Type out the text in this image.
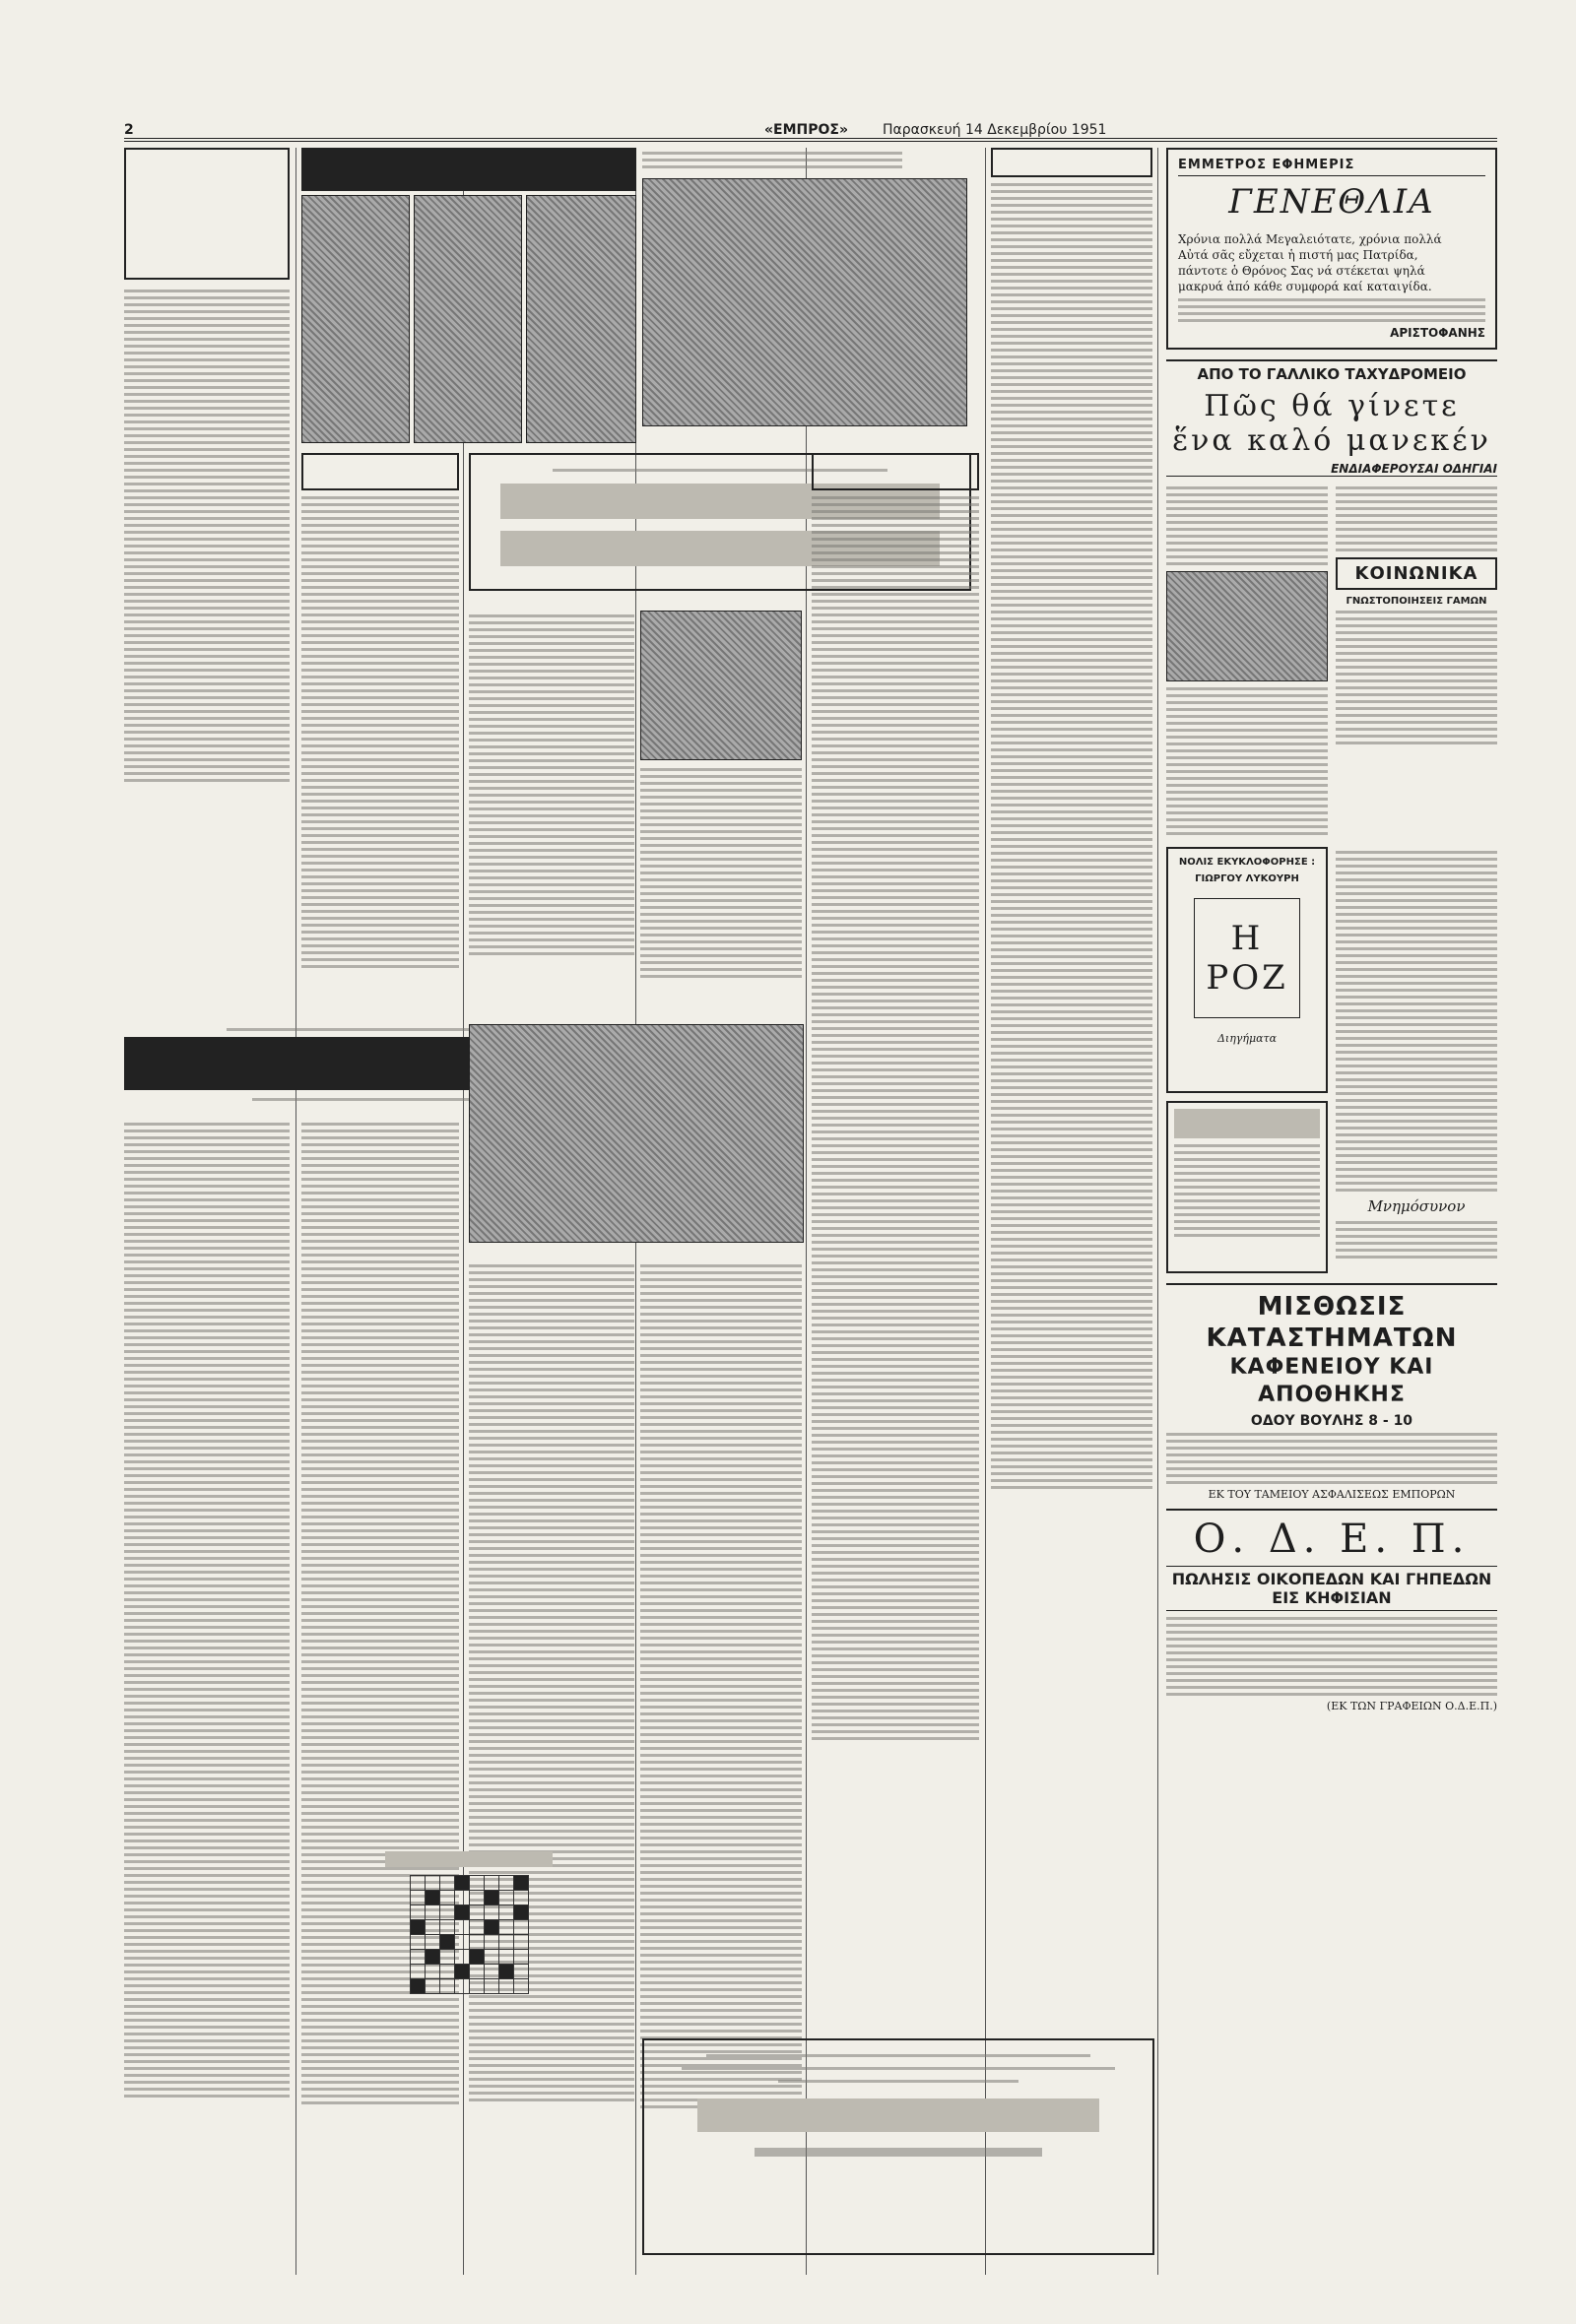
2	«ΕΜΠΡΟΣ» Παρασκευή 14 Δεκεμβρίου 1951
ΕΜΜΕΤΡΟΣ ΕΦΗΜΕΡΙΣ
ΓΕΝΕΘΛΙΑ
Χρόνια πολλά Μεγαλειότατε, χρόνια πολλά
Αὐτά σᾶς εὔχεται ἡ πιστή μας Πατρίδα,
πάντοτε ὁ Θρόνος Σας νά στέκεται ψηλά
μακρυά ἀπό κάθε συμφορά καί καταιγίδα.
ΑΡΙΣΤΟΦΑΝΗΣ
ΑΠΟ ΤΟ ΓΑΛΛΙΚΟ ΤΑΧΥΔΡΟΜΕΙΟ
Πῶς θά γίνετε
ἕνα καλό μανεκέν
ΕΝΔΙΑΦΕΡΟΥΣΑΙ ΟΔΗΓΙΑΙ
ΚΟΙΝΩΝΙΚΑ
ΓΝΩΣΤΟΠΟΙΗΣΕΙΣ ΓΑΜΩΝ
ΝΟΛΙΣ ΕΚΥΚΛΟΦΟΡΗΣΕ :
ΓΙΩΡΓΟΥ ΛΥΚΟΥΡΗ
Η ΡΟΖ
Διηγήματα
Μνημόσυνον
ΜΙΣΘΩΣΙΣ ΚΑΤΑΣΤΗΜΑΤΩΝ
ΚΑΦΕΝΕΙΟΥ ΚΑΙ ΑΠΟΘΗΚΗΣ
ΟΔΟΥ ΒΟΥΛΗΣ 8 - 10
ΕΚ ΤΟΥ ΤΑΜΕΙΟΥ ΑΣΦΑΛΙΣΕΩΣ ΕΜΠΟΡΩΝ
Ο. Δ. Ε. Π.
ΠΩΛΗΣΙΣ ΟΙΚΟΠΕΔΩΝ ΚΑΙ ΓΗΠΕΔΩΝ ΕΙΣ ΚΗΦΙΣΙΑΝ
(ΕΚ ΤΩΝ ΓΡΑΦΕΙΩΝ Ο.Δ.Ε.Π.)
